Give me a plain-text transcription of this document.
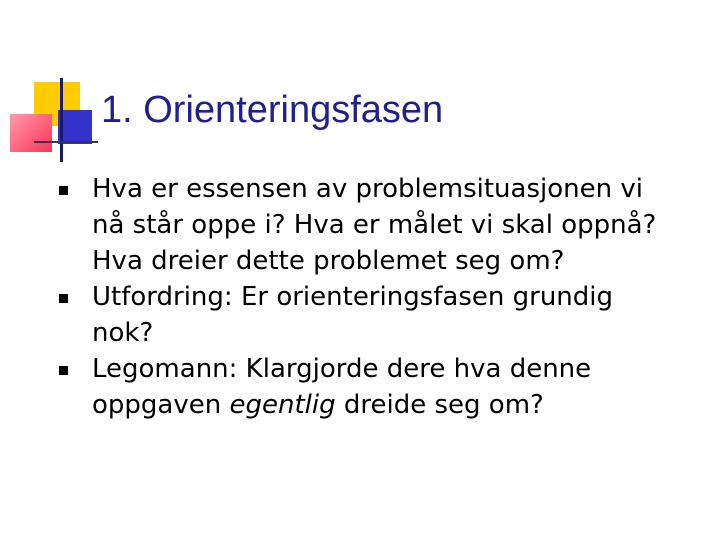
1. Orienteringsfasen
Hva er essensen av problemsituasjonen vi nå står oppe i? Hva er målet vi skal oppnå? Hva dreier dette problemet seg om?
Utfordring: Er orienteringsfasen grundig nok?
Legomann: Klargjorde dere hva denne oppgaven egentlig dreide seg om?
